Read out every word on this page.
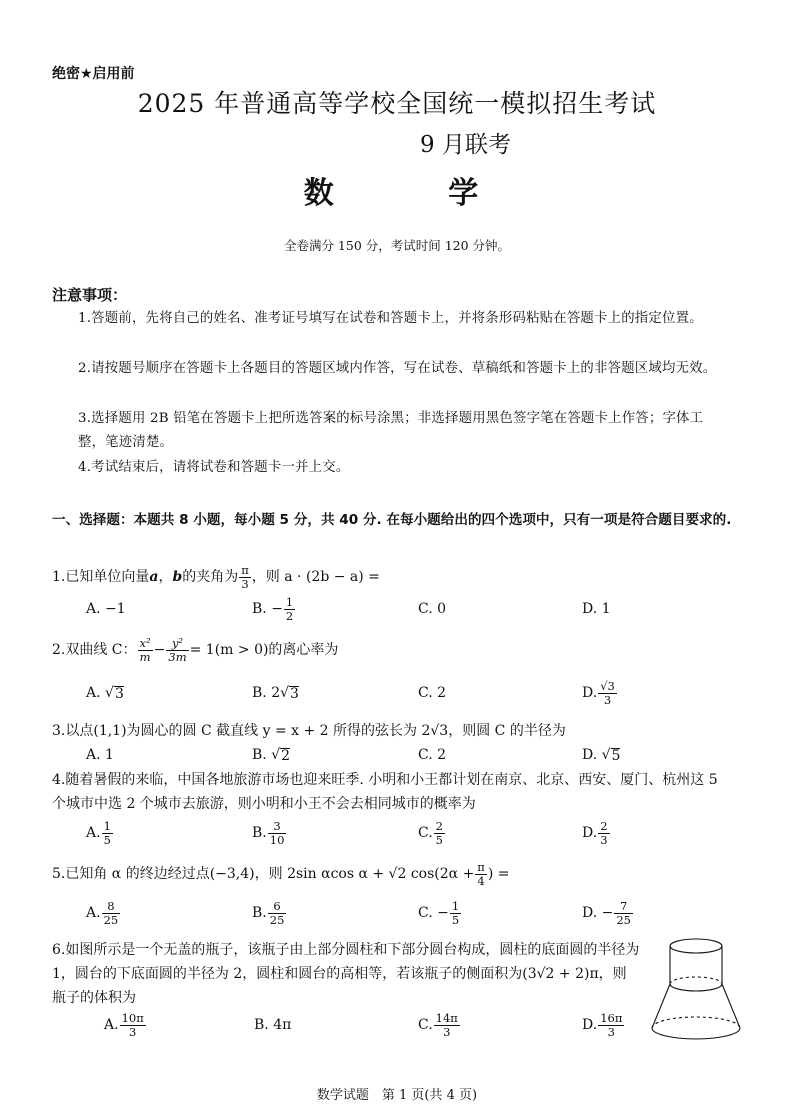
绝密★启用前
2025 年普通高等学校全国统一模拟招生考试
9 月联考
数 学
全卷满分 150 分，考试时间 120 分钟。
注意事项：
1.答题前，先将自己的姓名、准考证号填写在试卷和答题卡上，并将条形码粘贴在答题卡上的指定位置。
2.请按题号顺序在答题卡上各题目的答题区域内作答，写在试卷、草稿纸和答题卡上的非答题区域均无效。
3.选择题用 2B 铅笔在答题卡上把所选答案的标号涂黑；非选择题用黑色签字笔在答题卡上作答；字体工整，笔迹清楚。
4.考试结束后，请将试卷和答题卡一并上交。
一、选择题：本题共 8 小题，每小题 5 分，共 40 分. 在每小题给出的四个选项中，只有一项是符合题目要求的.
1.已知单位向量 a ， b 的夹角为 $\frac{\pi}{3}$ ，则 a · (2b − a) =
A. −1	B. − $\frac{1}{2}$	C. 0	D. 1
2.双曲线 C： $\frac{\text{x²}}{m} - \frac{\text{y²}}{3m} = 1(m > 0)$的离心率为
A. √ 3	B. 2√ 3	C. 2	D. $\frac{√3}{3}$
3.以点(1,1)为圆心的圆 C 截直线 y = x + 2 所得的弦长为 2√3，则圆 C 的半径为
A. 1	B. √ 2	C. 2	D. √ 5
4.随着暑假的来临，中国各地旅游市场也迎来旺季. 小明和小王都计划在南京、北京、西安、厦门、杭州这 5 个城市中选 2 个城市去旅游，则小明和小王不会去相同城市的概率为
A. $\frac{1}{5}$	B. $\frac{3}{10}$	C. $\frac{2}{5}$	D. $\frac{2}{3}$
5.已知角 α 的终边经过点(−3,4)，则 2sin αcos α + √2 $\cos(2\alpha + \frac{\pi}{4}$ ) =
A. $\frac{8}{25}$	B. $\frac{6}{25}$	C. − $\frac{1}{5}$	D. − $\frac{7}{25}$
6.如图所示是一个无盖的瓶子，该瓶子由上部分圆柱和下部分圆台构成，圆柱的底面圆的半径为 1，圆台的下底面圆的半径为 2，圆柱和圆台的高相等，若该瓶子的侧面积为(3√2 + 2)π，则瓶子的体积为
A. $\frac{10\pi}{3}$	B. 4π	C. $\frac{14\pi}{3}$	D. $\frac{16\pi}{3}$
数学试题　第 1 页(共 4 页)
